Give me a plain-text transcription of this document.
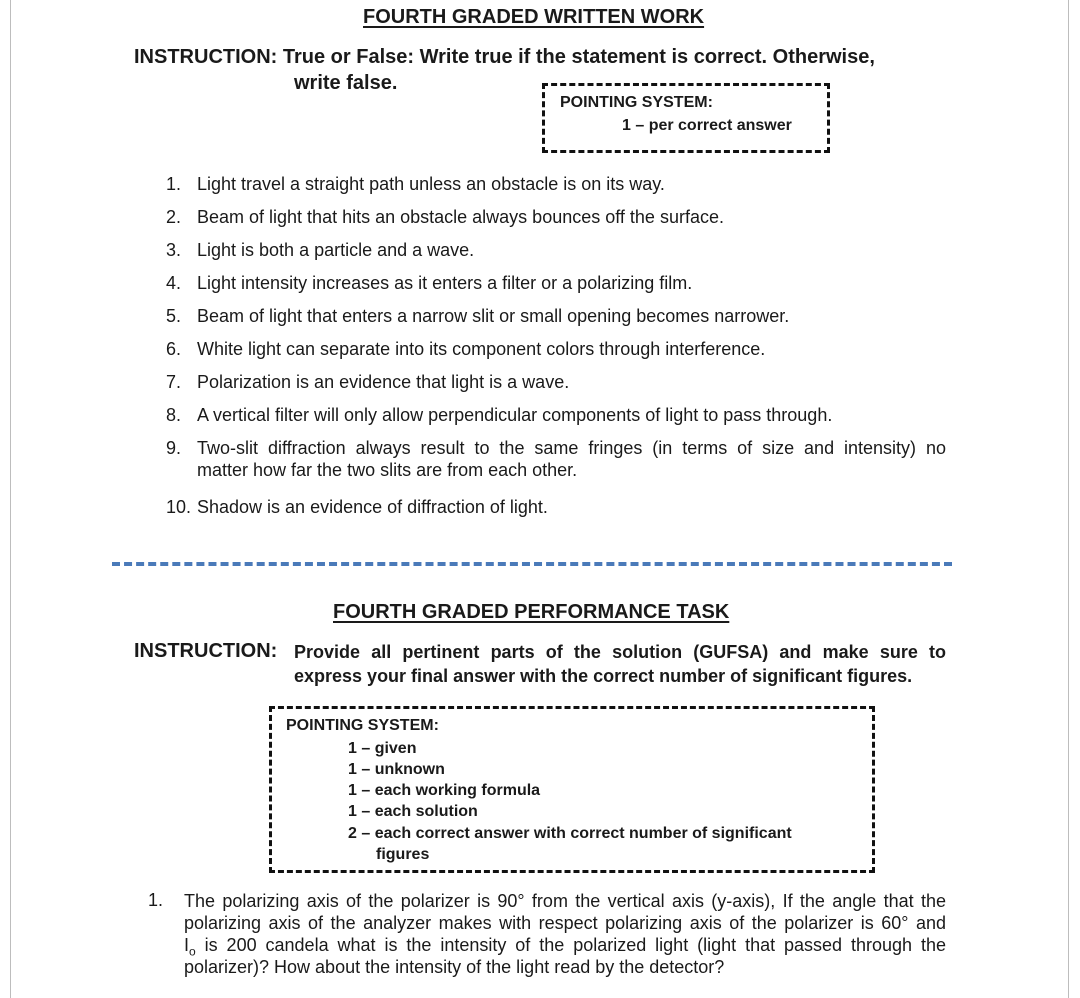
FOURTH GRADED WRITTEN WORK
INSTRUCTION: True or False: Write true if the statement is correct. Otherwise,
write false.
POINTING SYSTEM:
1 – per correct answer
1. Light travel a straight path unless an obstacle is on its way.
2. Beam of light that hits an obstacle always bounces off the surface.
3. Light is both a particle and a wave.
4. Light intensity increases as it enters a filter or a polarizing film.
5. Beam of light that enters a narrow slit or small opening becomes narrower.
6. White light can separate into its component colors through interference.
7. Polarization is an evidence that light is a wave.
8. A vertical filter will only allow perpendicular components of light to pass through.
9. Two-slit diffraction always result to the same fringes (in terms of size and intensity) no
matter how far the two slits are from each other.
10. Shadow is an evidence of diffraction of light.
FOURTH GRADED PERFORMANCE TASK
INSTRUCTION: Provide all pertinent parts of the solution (GUFSA) and make sure to
express your final answer with the correct number of significant figures.
POINTING SYSTEM:
1 – given
1 – unknown
1 – each working formula
1 – each solution
2 – each correct answer with correct number of significant
figures
1. The polarizing axis of the polarizer is 90° from the vertical axis (y-axis), If the angle that the
polarizing axis of the analyzer makes with respect polarizing axis of the polarizer is 60° and
$I_o$ is 200 candela what is the intensity of the polarized light (light that passed through the
polarizer)? How about the intensity of the light read by the detector?
